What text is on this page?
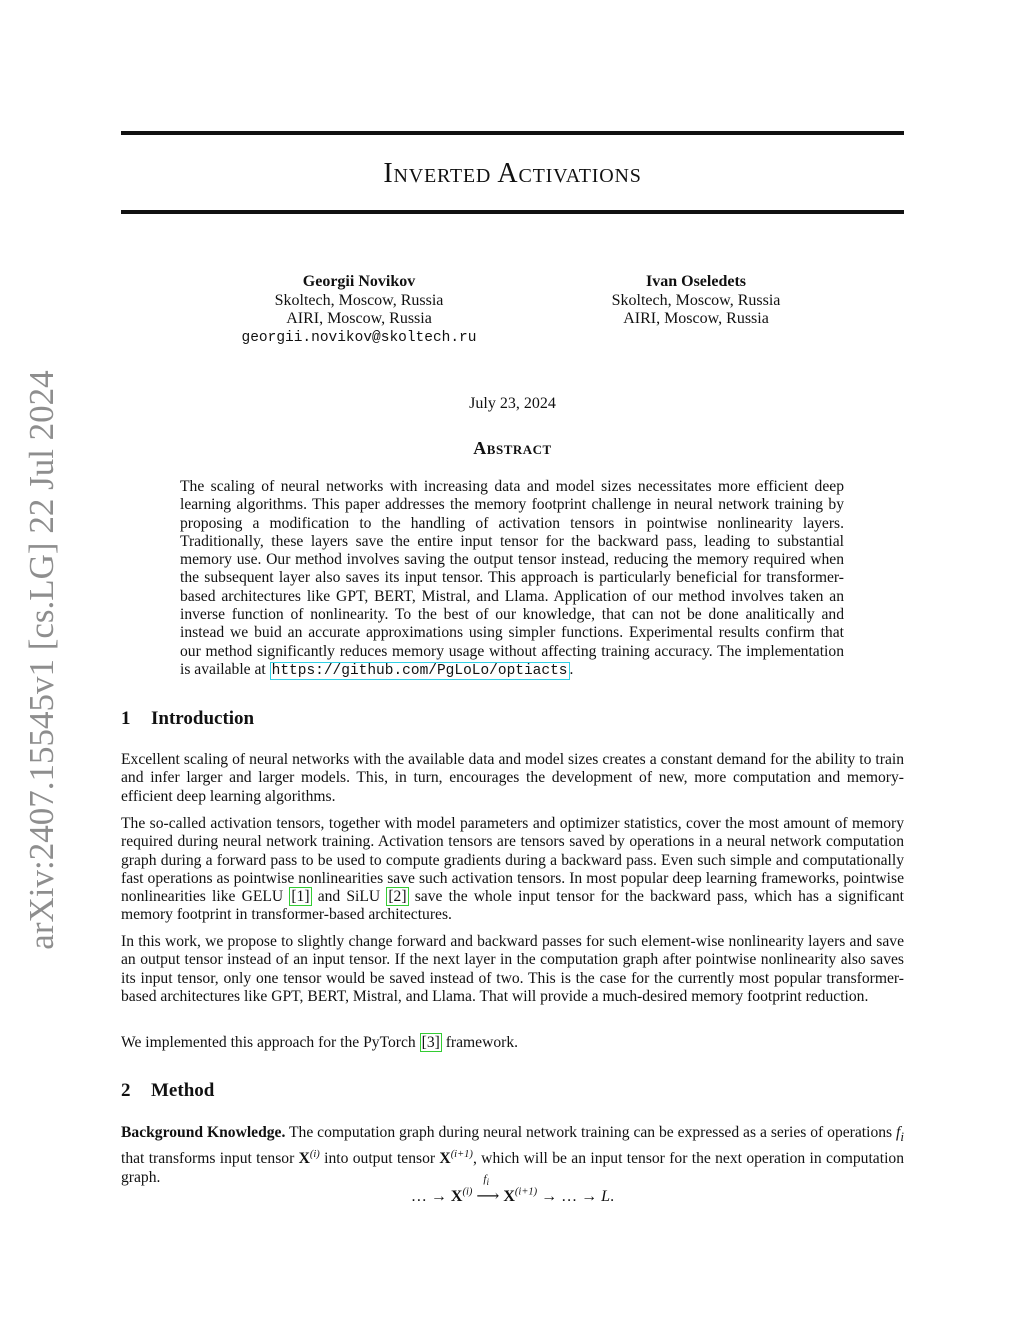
arXiv:2407.15545v1 [cs.LG] 22 Jul 2024
Inverted Activations
Georgii Novikov
Skoltech, Moscow, Russia
AIRI, Moscow, Russia
georgii.novikov@skoltech.ru
Ivan Oseledets
Skoltech, Moscow, Russia
AIRI, Moscow, Russia
July 23, 2024
Abstract
The scaling of neural networks with increasing data and model sizes necessitates more efficient deep learning algorithms. This paper addresses the memory footprint challenge in neural network training by proposing a modification to the handling of activation tensors in pointwise nonlinearity layers. Traditionally, these layers save the entire input tensor for the backward pass, leading to substantial memory use. Our method involves saving the output tensor instead, reducing the memory required when the subsequent layer also saves its input tensor. This approach is particularly beneficial for transformer-based architectures like GPT, BERT, Mistral, and Llama. Application of our method involves taken an inverse function of nonlinearity. To the best of our knowledge, that can not be done analitically and instead we buid an accurate approximations using simpler functions. Experimental results confirm that our method significantly reduces memory usage without affecting training accuracy. The implementation is available at https://github.com/PgLoLo/optiacts .
1 Introduction
Excellent scaling of neural networks with the available data and model sizes creates a constant demand for the ability to train and infer larger and larger models. This, in turn, encourages the development of new, more computation and memory-efficient deep learning algorithms.
The so-called activation tensors, together with model parameters and optimizer statistics, cover the most amount of memory required during neural network training. Activation tensors are tensors saved by operations in a neural network computation graph during a forward pass to be used to compute gradients during a backward pass. Even such simple and computationally fast operations as pointwise nonlinearities save such activation tensors. In most popular deep learning frameworks, pointwise nonlinearities like GELU [1] and SiLU [2] save the whole input tensor for the backward pass, which has a significant memory footprint in transformer-based architectures.
In this work, we propose to slightly change forward and backward passes for such element-wise nonlinearity layers and save an output tensor instead of an input tensor. If the next layer in the computation graph after pointwise nonlinearity also saves its input tensor, only one tensor would be saved instead of two. This is the case for the currently most popular transformer-based architectures like GPT, BERT, Mistral, and Llama. That will provide a much-desired memory footprint reduction.
We implemented this approach for the PyTorch [3] framework.
2 Method
Background Knowledge. The computation graph during neural network training can be expressed as a series of operations $f_i$ that transforms input tensor $X^{(i)}$ into output tensor $X^{(i+1)}$, which will be an input tensor for the next operation in computation graph.
… → $X^{(i)}$
$f_i$
⟶ $X^{(i+1)}$ → … → L.
